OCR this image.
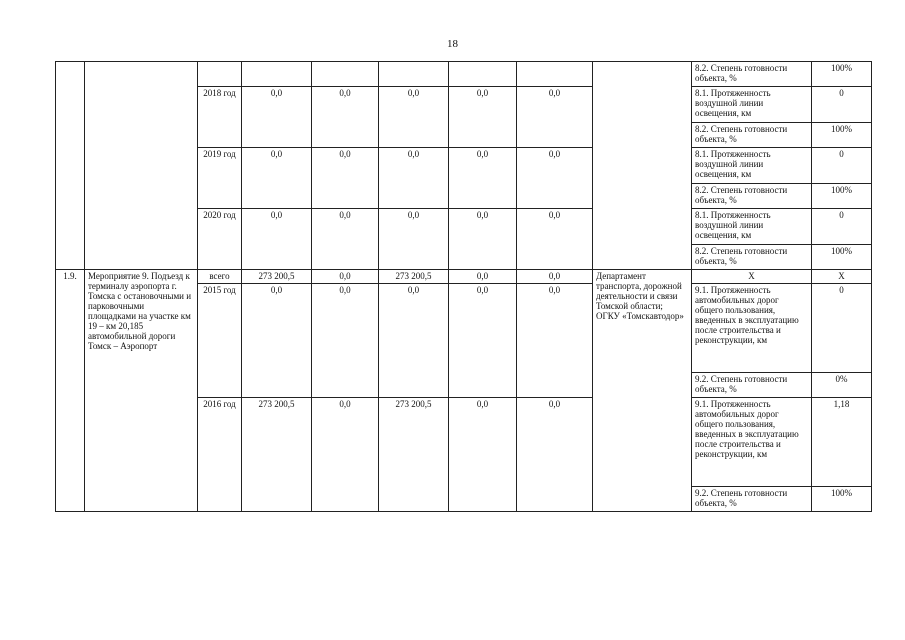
18
									8.2. Степень готовности объекта, %	100%
		2018 год	0,0	0,0	0,0	0,0	0,0		8.1. Протяженность воздушной линии освещения, км	0
									8.2. Степень готовности объекта, %	100%
		2019 год	0,0	0,0	0,0	0,0	0,0		8.1. Протяженность воздушной линии освещения, км	0
									8.2. Степень готовности объекта, %	100%
		2020 год	0,0	0,0	0,0	0,0	0,0		8.1. Протяженность воздушной линии освещения, км	0
									8.2. Степень готовности объекта, %	100%
1.9.	Мероприятие 9. Подъезд к терминалу аэропорта г. Томска с остановочными и парковочными площадками на участке км 19 – км 20,185 автомобильной дороги Томск – Аэропорт	всего	273 200,5	0,0	273 200,5	0,0	0,0	Департамент транспорта, дорожной деятельности и связи Томской области; ОГКУ «Томскавтодор»	X	X
		2015 год	0,0	0,0	0,0	0,0	0,0		9.1. Протяженность автомобильных дорог общего пользования, введенных в эксплуатацию после строительства и реконструкции, км	0
									9.2. Степень готовности объекта, %	0%
		2016 год	273 200,5	0,0	273 200,5	0,0	0,0		9.1. Протяженность автомобильных дорог общего пользования, введенных в эксплуатацию после строительства и реконструкции, км	1,18
									9.2. Степень готовности объекта, %	100%
